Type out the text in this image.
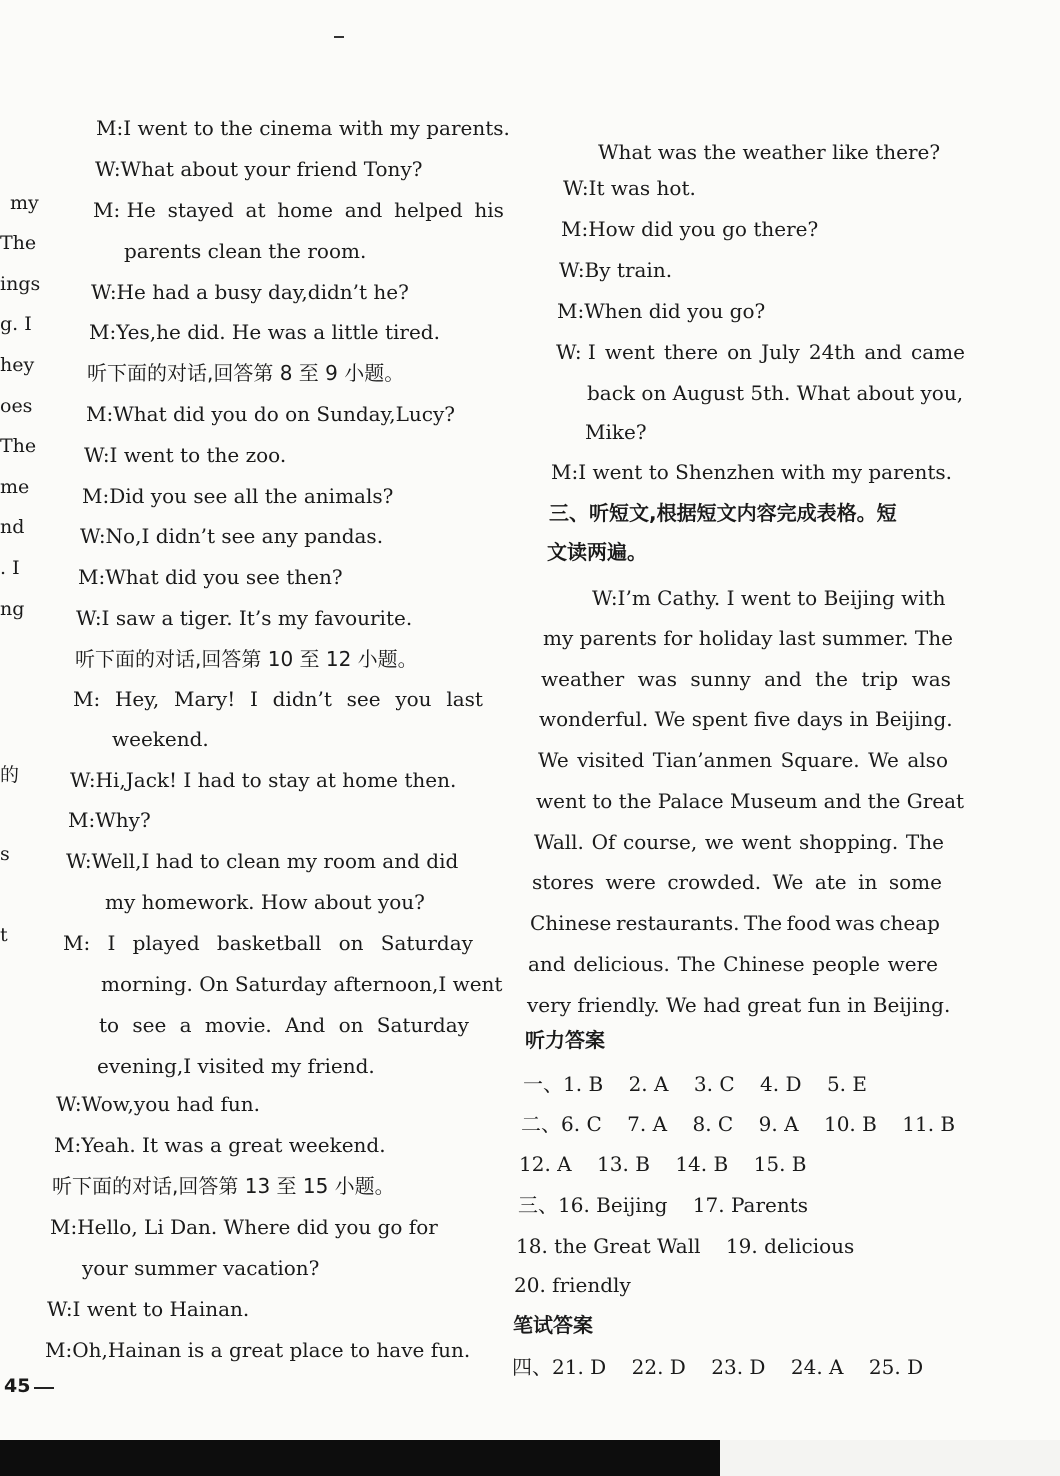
my
The
ings
g. I
hey
oes
The
me
nd
. I
ng
的
s
t
M:I went to the cinema with my parents.
W:What about your friend Tony?
M: He stayed at home and helped his
parents clean the room.
W:He had a busy day,didn’t he?
M:Yes,he did. He was a little tired.
听下面的对话,回答第 8 至 9 小题。
M:What did you do on Sunday,Lucy?
W:I went to the zoo.
M:Did you see all the animals?
W:No,I didn’t see any pandas.
M:What did you see then?
W:I saw a tiger. It’s my favourite.
听下面的对话,回答第 10 至 12 小题。
M: Hey, Mary! I didn’t see you last
weekend.
W:Hi,Jack! I had to stay at home then.
M:Why?
W:Well,I had to clean my room and did
my homework. How about you?
M: I played basketball on Saturday
morning. On Saturday afternoon,I went
to see a movie. And on Saturday
evening,I visited my friend.
W:Wow,you had fun.
M:Yeah. It was a great weekend.
听下面的对话,回答第 13 至 15 小题。
M:Hello, Li Dan. Where did you go for
your summer vacation?
W:I went to Hainan.
M:Oh,Hainan is a great place to have fun.
What was the weather like there?
W:It was hot.
M:How did you go there?
W:By train.
M:When did you go?
W: I went there on July 24th and came
back on August 5th. What about you,
Mike?
M:I went to Shenzhen with my parents.
三、听短文,根据短文内容完成表格。短
文读两遍。
W:I’m Cathy. I went to Beijing with
my parents for holiday last summer. The
weather was sunny and the trip was
wonderful. We spent five days in Beijing.
We visited Tian’anmen Square. We also
went to the Palace Museum and the Great
Wall. Of course, we went shopping. The
stores were crowded. We ate in some
Chinese restaurants. The food was cheap
and delicious. The Chinese people were
very friendly. We had great fun in Beijing.
听力答案
一、1. B    2. A    3. C    4. D    5. E
二、6. C    7. A    8. C    9. A    10. B    11. B
12. A    13. B    14. B    15. B
三、16. Beijing    17. Parents
18. the Great Wall    19. delicious
20. friendly
笔试答案
四、21. D    22. D    23. D    24. A    25. D
45
